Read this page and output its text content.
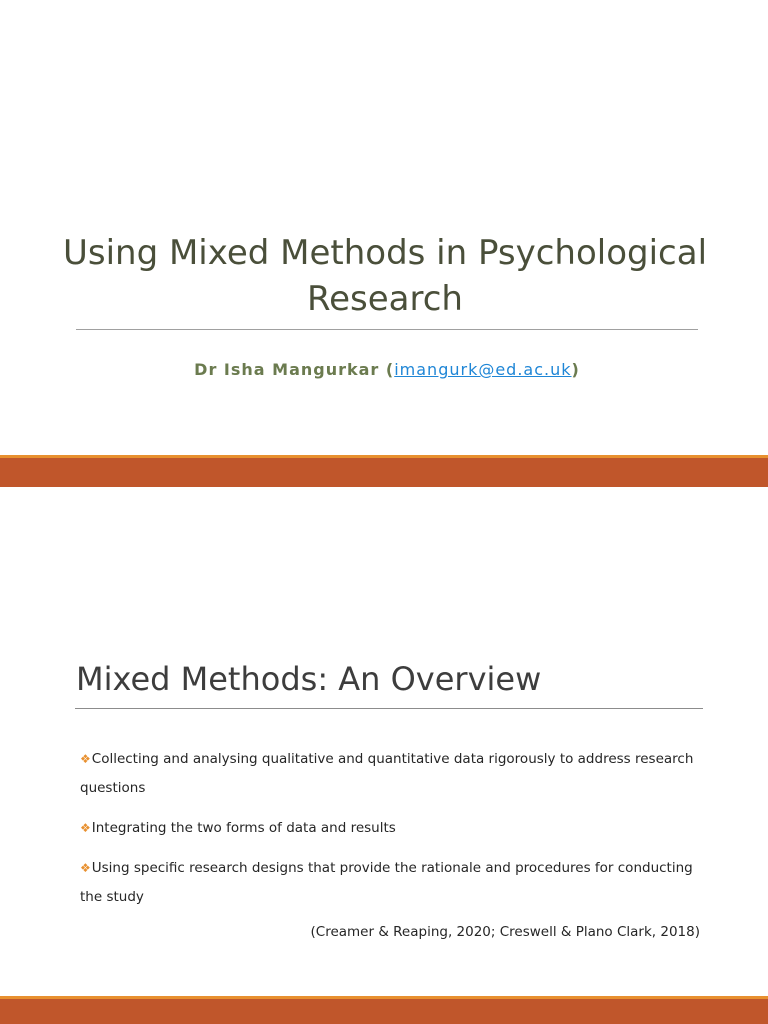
Using Mixed Methods in Psychological Research
Dr Isha Mangurkar (imangurk@ed.ac.uk)
Mixed Methods: An Overview
❖Collecting and analysing qualitative and quantitative data rigorously to address research questions
❖Integrating the two forms of data and results
❖Using specific research designs that provide the rationale and procedures for conducting the study
(Creamer & Reaping, 2020; Creswell & Plano Clark, 2018)
